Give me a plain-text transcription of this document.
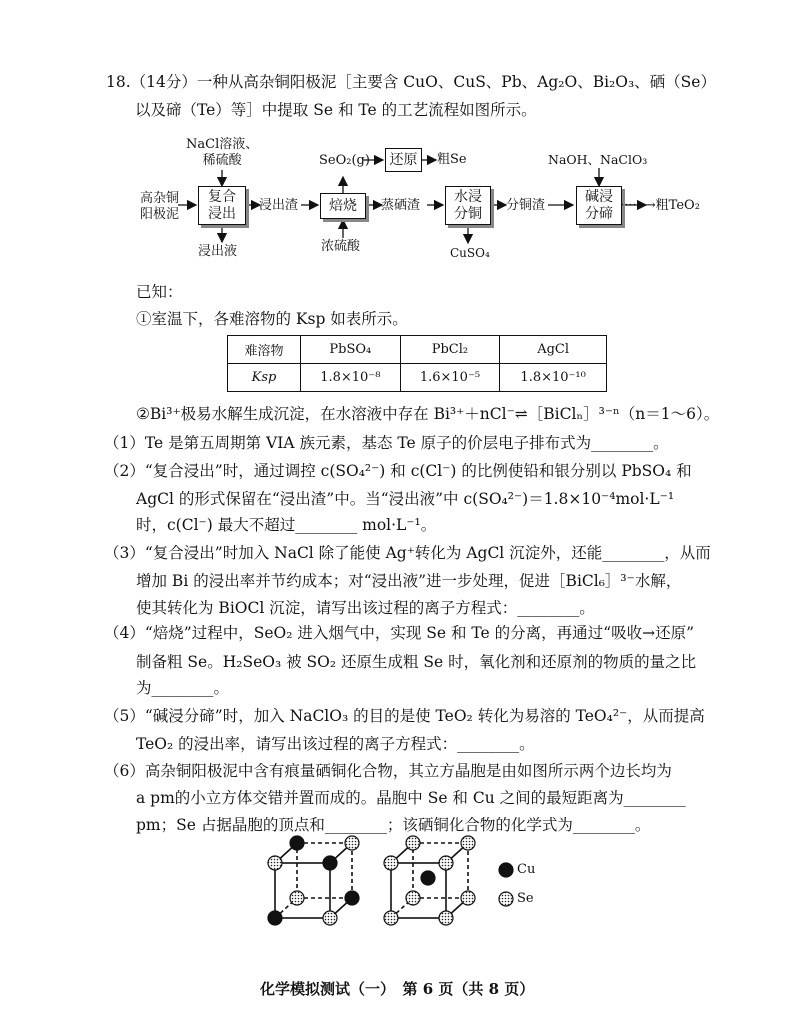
18.（14分）一种从高杂铜阳极泥［主要含 CuO、CuS、Pb、Ag₂O、Bi₂O₃、硒（Se）
以及碲（Te）等］中提取 Se 和 Te 的工艺流程如图所示。
高杂铜
阳极泥
NaCl溶液、
稀硫酸
复合
浸出
浸出液
浸出渣	焙烧
SeO₂(g)
浓硫酸
还原	粗Se
蒸硒渣
水浸
分铜
CuSO₄
分铜渣
NaOH、NaClO₃
碱浸
分碲 ······→粗TeO₂
已知：
①室温下，各难溶物的 Ksp 如表所示。
难溶物	PbSO₄	PbCl₂	AgCl
Ksp	1.8×10⁻⁸	1.6×10⁻⁵	1.8×10⁻¹⁰
②Bi³⁺极易水解生成沉淀，在水溶液中存在 Bi³⁺＋nCl⁻⇌［BiClₙ］³⁻ⁿ（n＝1～6）。
（1）Te 是第五周期第 VIA 族元素，基态 Te 原子的价层电子排布式为________。
（2）“复合浸出”时，通过调控 c(SO₄²⁻) 和 c(Cl⁻) 的比例使铅和银分别以 PbSO₄ 和
AgCl 的形式保留在“浸出渣”中。当“浸出液”中 c(SO₄²⁻)＝1.8×10⁻⁴mol·L⁻¹
时，c(Cl⁻) 最大不超过________ mol·L⁻¹。
（3）“复合浸出”时加入 NaCl 除了能使 Ag⁺转化为 AgCl 沉淀外，还能________，从而
增加 Bi 的浸出率并节约成本；对“浸出液”进一步处理，促进［BiCl₆］³⁻水解，
使其转化为 BiOCl 沉淀，请写出该过程的离子方程式：________。
（4）“焙烧”过程中，SeO₂ 进入烟气中，实现 Se 和 Te 的分离，再通过“吸收→还原”
制备粗 Se。H₂SeO₃ 被 SO₂ 还原生成粗 Se 时，氧化剂和还原剂的物质的量之比
为________。
（5）“碱浸分碲”时，加入 NaClO₃ 的目的是使 TeO₂ 转化为易溶的 TeO₄²⁻，从而提高
TeO₂ 的浸出率，请写出该过程的离子方程式：________。
（6）高杂铜阳极泥中含有痕量硒铜化合物，其立方晶胞是由如图所示两个边长均为
a pm的小立方体交错并置而成的。晶胞中 Se 和 Cu 之间的最短距离为________
pm；Se 占据晶胞的顶点和________；该硒铜化合物的化学式为________。
Cu
Se
化学模拟测试（一）　第 6 页（共 8 页）
